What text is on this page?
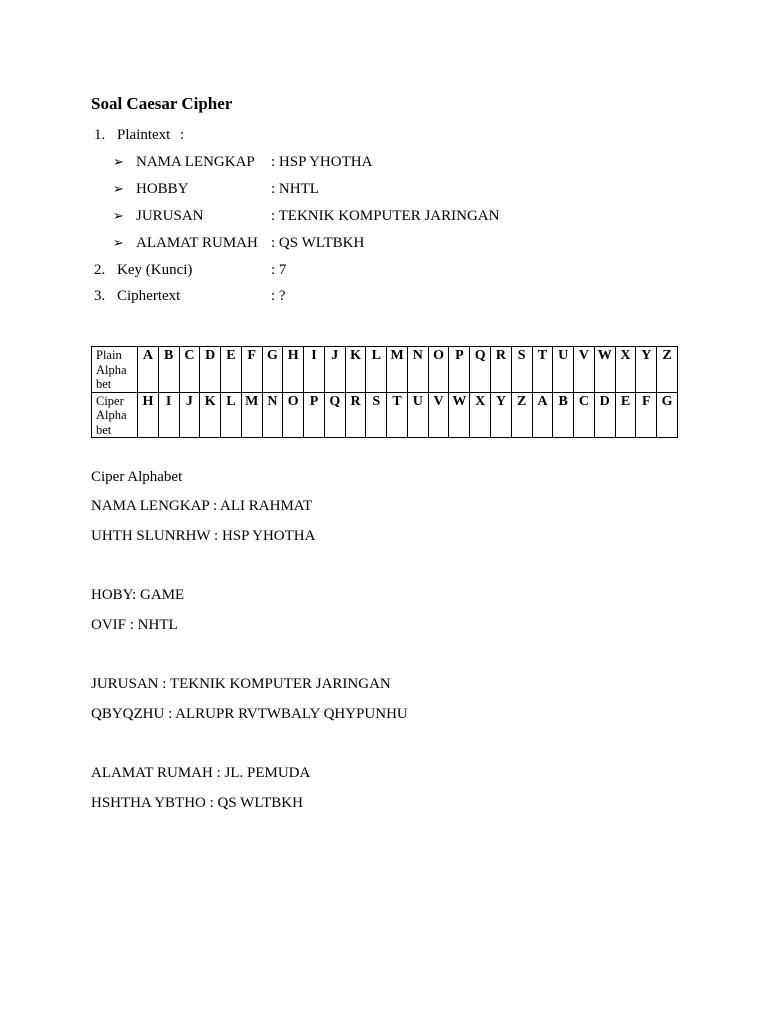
Soal Caesar Cipher
1. Plaintext :
➢ NAMA LENGKAP : HSP YHOTHA
➢ HOBBY	: NHTL
➢ JURUSAN	: TEKNIK KOMPUTER JARINGAN
➢ ALAMAT RUMAH : QS WLTBKH
2. Key (Kunci)	: 7
3. Ciphertext	: ?
Plain
Alpha
bet	A	B	C	D	E	F	G	H	I	J	K	L	M	N	O	P	Q	R	S	T	U	V	W	X	Y	Z
Ciper
Alpha
bet	H	I	J	K	L	M	N	O	P	Q	R	S	T	U	V	W	X	Y	Z	A	B	C	D	E	F	G
Ciper Alphabet
NAMA LENGKAP : ALI RAHMAT
UHTH SLUNRHW : HSP YHOTHA
HOBY: GAME
OVIF : NHTL
JURUSAN : TEKNIK KOMPUTER JARINGAN
QBYQZHU : ALRUPR RVTWBALY QHYPUNHU
ALAMAT RUMAH : JL. PEMUDA
HSHTHA YBTHO : QS WLTBKH
